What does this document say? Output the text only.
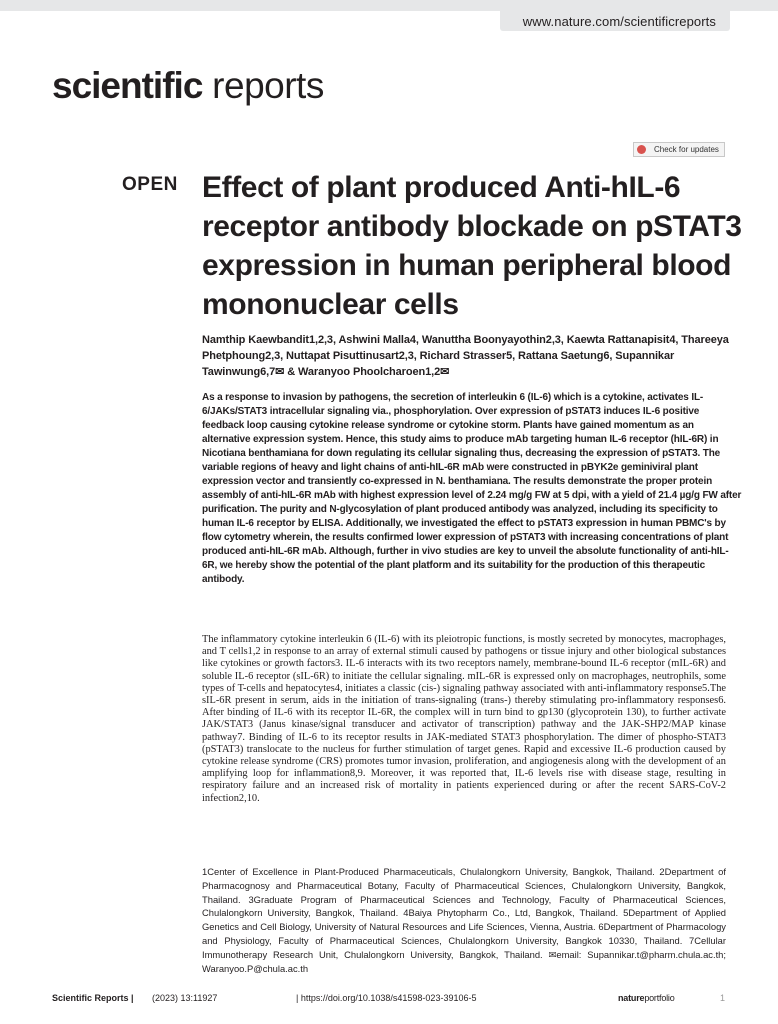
www.nature.com/scientificreports
scientific reports
Check for updates
OPEN Effect of plant produced Anti-hIL-6 receptor antibody blockade on pSTAT3 expression in human peripheral blood mononuclear cells
Namthip Kaewbandit1,2,3, Ashwini Malla4, Wanuttha Boonyayothin2,3, Kaewta Rattanapisit4, Thareeya Phetphoung2,3, Nuttapat Pisuttinusart2,3, Richard Strasser5, Rattana Saetung6, Supannikar Tawinwung6,7✉ & Waranyoo Phoolcharoen1,2✉
As a response to invasion by pathogens, the secretion of interleukin 6 (IL-6) which is a cytokine, activates IL-6/JAKs/STAT3 intracellular signaling via., phosphorylation. Over expression of pSTAT3 induces IL-6 positive feedback loop causing cytokine release syndrome or cytokine storm. Plants have gained momentum as an alternative expression system. Hence, this study aims to produce mAb targeting human IL-6 receptor (hIL-6R) in Nicotiana benthamiana for down regulating its cellular signaling thus, decreasing the expression of pSTAT3. The variable regions of heavy and light chains of anti-hIL-6R mAb were constructed in pBYK2e geminiviral plant expression vector and transiently co-expressed in N. benthamiana. The results demonstrate the proper protein assembly of anti-hIL-6R mAb with highest expression level of 2.24 mg/g FW at 5 dpi, with a yield of 21.4 µg/g FW after purification. The purity and N-glycosylation of plant produced antibody was analyzed, including its specificity to human IL-6 receptor by ELISA. Additionally, we investigated the effect to pSTAT3 expression in human PBMC's by flow cytometry wherein, the results confirmed lower expression of pSTAT3 with increasing concentrations of plant produced anti-hIL-6R mAb. Although, further in vivo studies are key to unveil the absolute functionality of anti-hIL-6R, we hereby show the potential of the plant platform and its suitability for the production of this therapeutic antibody.
The inflammatory cytokine interleukin 6 (IL-6) with its pleiotropic functions, is mostly secreted by monocytes, macrophages, and T cells1,2 in response to an array of external stimuli caused by pathogens or tissue injury and other biological substances like cytokines or growth factors3. IL-6 interacts with its two receptors namely, membrane-bound IL-6 receptor (mIL-6R) and soluble IL-6 receptor (sIL-6R) to initiate the cellular signaling. mIL-6R is expressed only on macrophages, neutrophils, some types of T-cells and hepatocytes4, initiates a classic (cis-) signaling pathway associated with anti-inflammatory response5.The sIL-6R present in serum, aids in the initiation of trans-signaling (trans-) thereby stimulating pro-inflammatory responses6. After binding of IL-6 with its receptor IL-6R, the complex will in turn bind to gp130 (glycoprotein 130), to further activate JAK/STAT3 (Janus kinase/signal transducer and activator of transcription) pathway and the JAK-SHP2/MAP kinase pathway7. Binding of IL-6 to its receptor results in JAK-mediated STAT3 phosphorylation. The dimer of phospho-STAT3 (pSTAT3) translocate to the nucleus for further stimulation of target genes. Rapid and excessive IL-6 production caused by cytokine release syndrome (CRS) promotes tumor invasion, proliferation, and angiogenesis along with the development of an amplifying loop for inflammation8,9. Moreover, it was reported that, IL-6 levels rise with disease stage, resulting in respiratory failure and an increased risk of mortality in patients experienced during or after the recent SARS-CoV-2 infection2,10.
1Center of Excellence in Plant-Produced Pharmaceuticals, Chulalongkorn University, Bangkok, Thailand. 2Department of Pharmacognosy and Pharmaceutical Botany, Faculty of Pharmaceutical Sciences, Chulalongkorn University, Bangkok, Thailand. 3Graduate Program of Pharmaceutical Sciences and Technology, Faculty of Pharmaceutical Sciences, Chulalongkorn University, Bangkok, Thailand. 4Baiya Phytopharm Co., Ltd, Bangkok, Thailand. 5Department of Applied Genetics and Cell Biology, University of Natural Resources and Life Sciences, Vienna, Austria. 6Department of Pharmacology and Physiology, Faculty of Pharmaceutical Sciences, Chulalongkorn University, Bangkok 10330, Thailand. 7Cellular Immunotherapy Research Unit, Chulalongkorn University, Bangkok, Thailand. ✉email: Supannikar.t@pharm.chula.ac.th; Waranyoo.P@chula.ac.th
Scientific Reports | (2023) 13:11927	| https://doi.org/10.1038/s41598-023-39106-5	natureportfolio	1
